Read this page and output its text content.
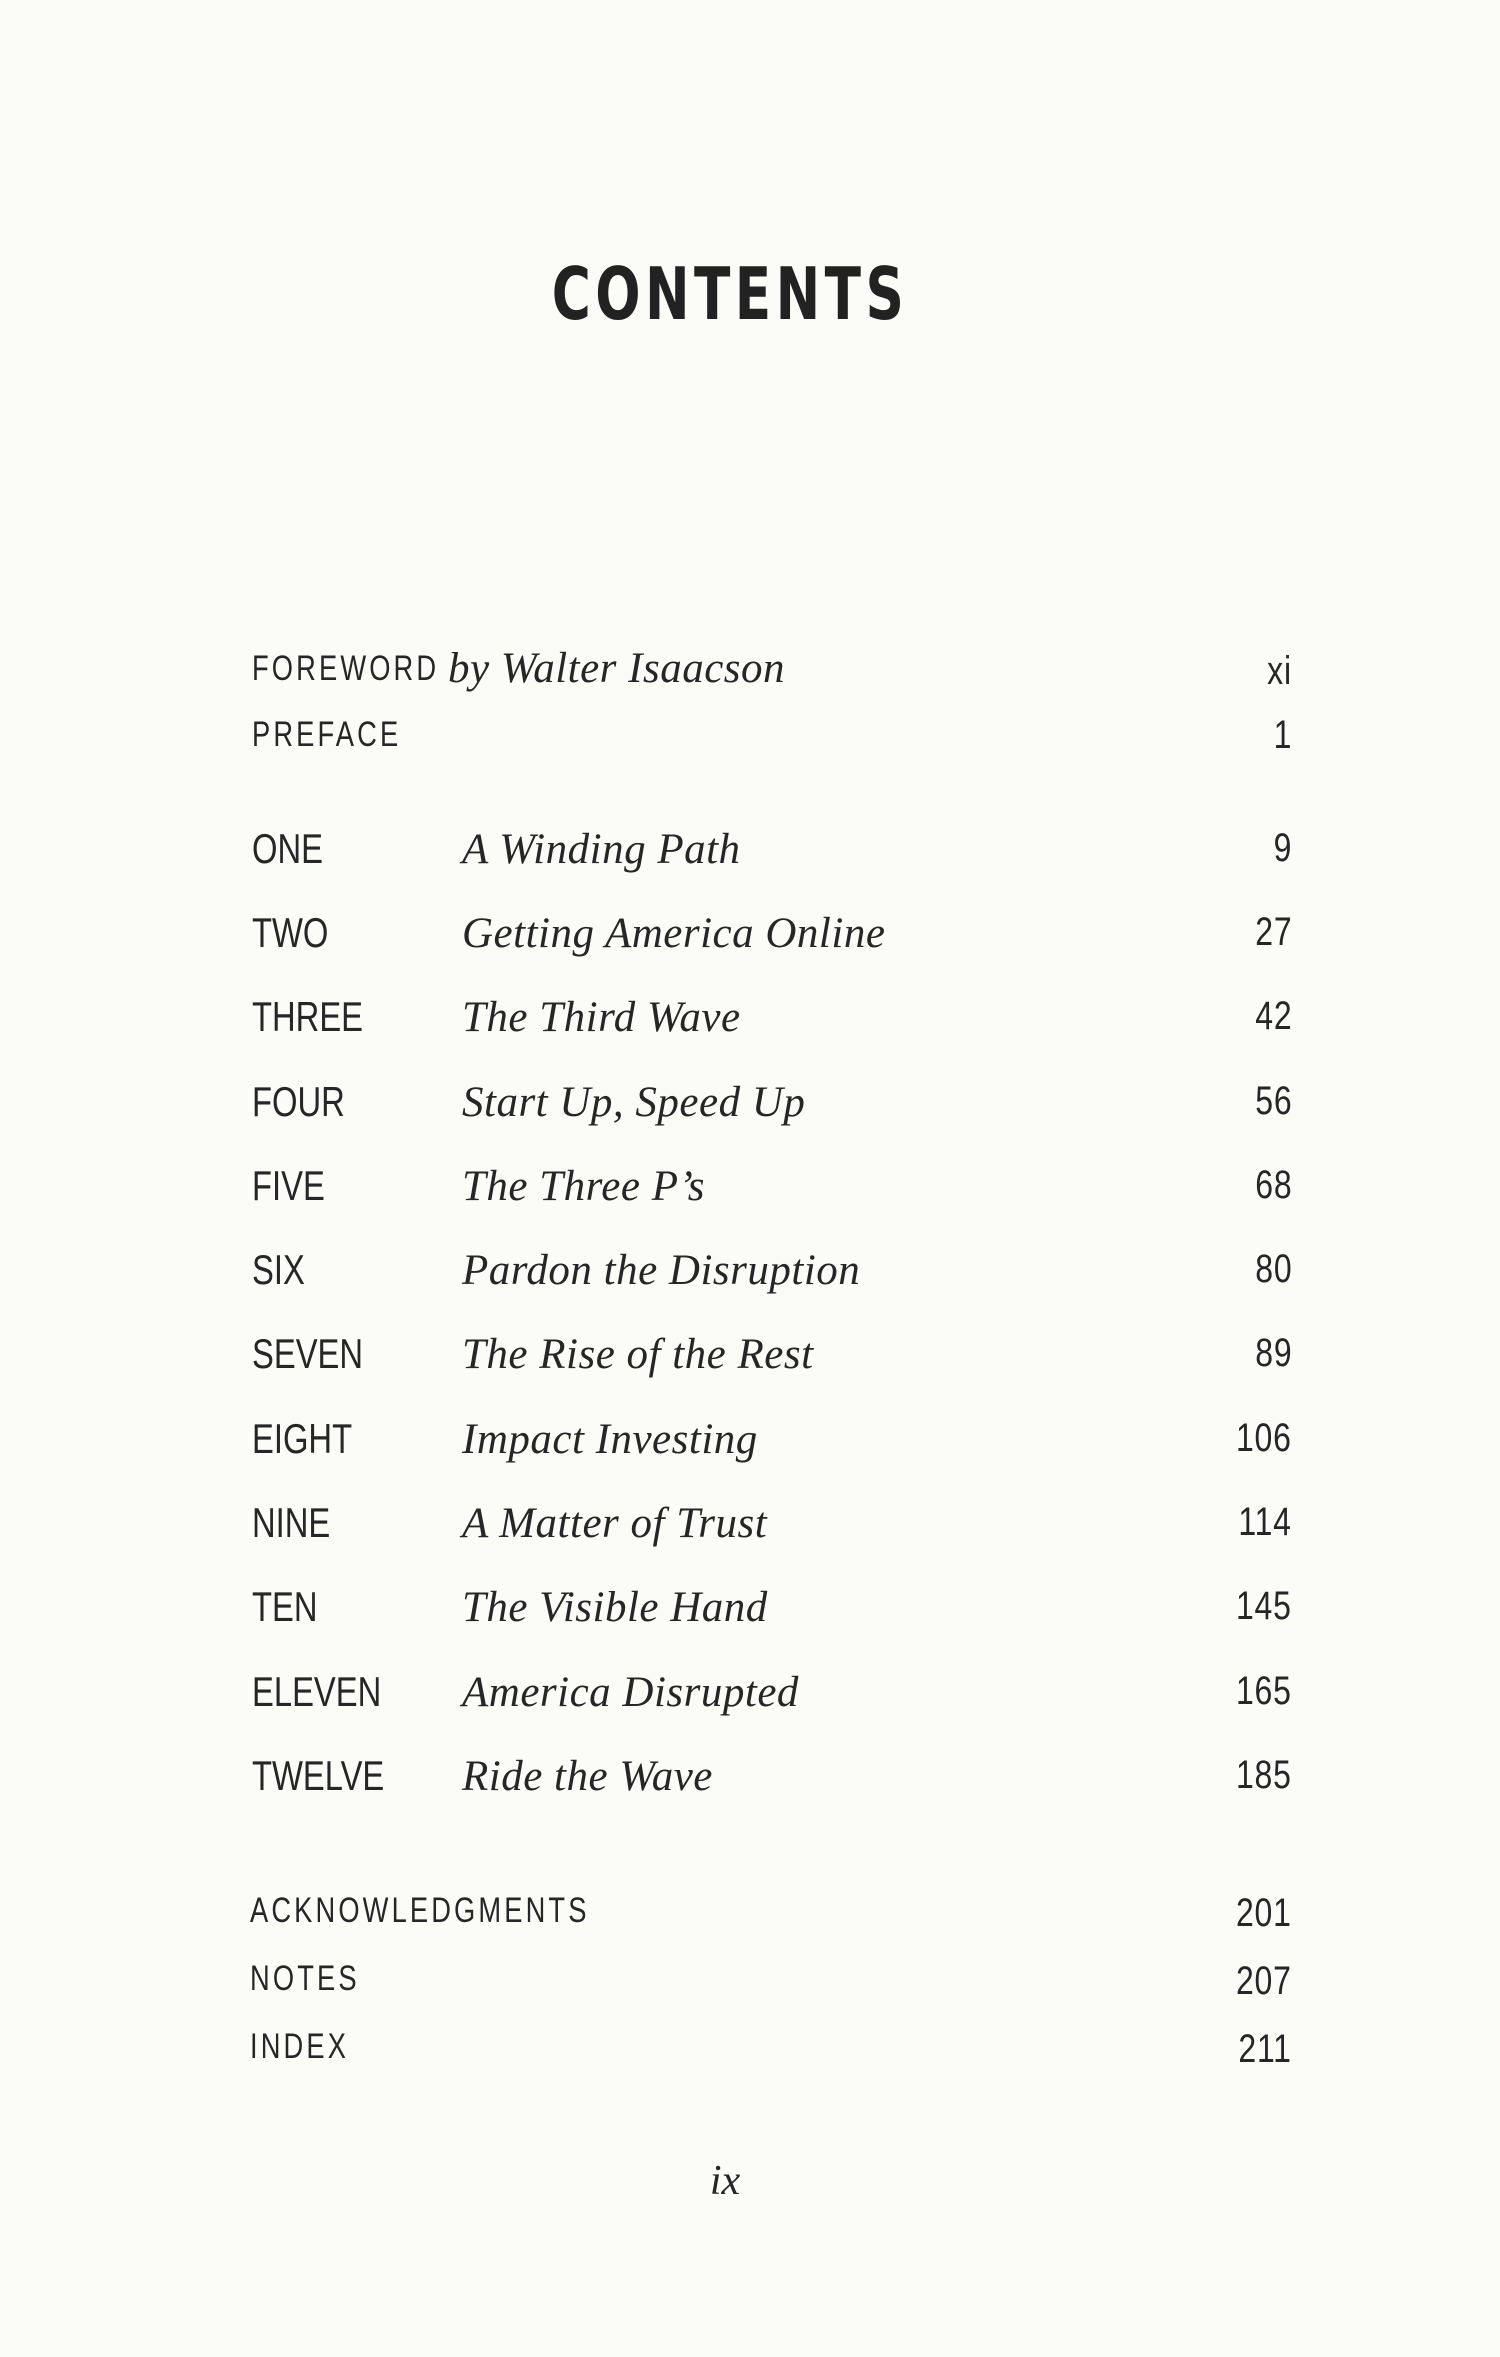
CONTENTS
FOREWORD by Walter Isaacson	xi
PREFACE	1
ONE	A Winding Path	9
TWO	Getting America Online	27
THREE The Third Wave	42
FOUR	Start Up, Speed Up	56
FIVE	The Three P’s	68
SIX	Pardon the Disruption	80
SEVEN The Rise of the Rest	89
EIGHT	Impact Investing	106
NINE	A Matter of Trust	114
TEN	The Visible Hand	145
ELEVEN America Disrupted	165
TWELVE Ride the Wave	185
ACKNOWLEDGMENTS	201
NOTES	207
INDEX	211
ix
